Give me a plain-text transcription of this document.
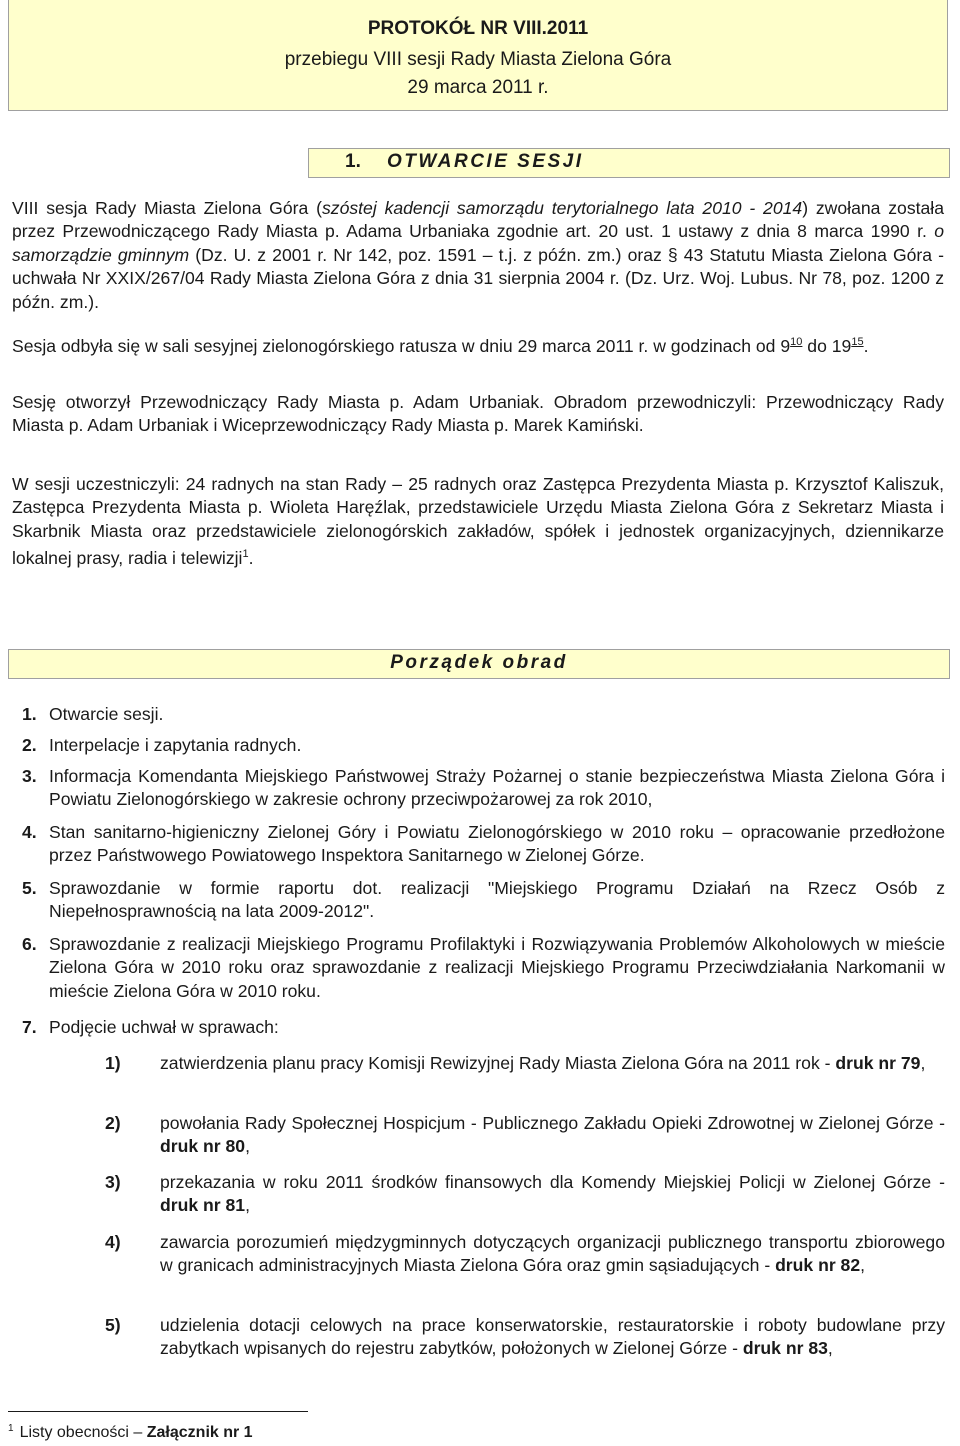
PROTOKÓŁ NR VIII.2011
przebiegu VIII sesji Rady Miasta Zielona Góra
29 marca 2011 r.
1. OTWARCIE SESJI
VIII sesja Rady Miasta Zielona Góra (szóstej kadencji samorządu terytorialnego lata 2010 - 2014) zwołana została przez Przewodniczącego Rady Miasta p. Adama Urbaniaka zgodnie art. 20 ust. 1 ustawy z dnia 8 marca 1990 r. o samorządzie gminnym (Dz. U. z 2001 r. Nr 142, poz. 1591 – t.j. z późn. zm.) oraz § 43 Statutu Miasta Zielona Góra - uchwała Nr XXIX/267/04 Rady Miasta Zielona Góra z dnia 31 sierpnia 2004 r. (Dz. Urz. Woj. Lubus. Nr 78, poz. 1200 z późn. zm.).
Sesja odbyła się w sali sesyjnej zielonogórskiego ratusza w dniu 29 marca 2011 r. w godzinach od $9^{10}$ do $19^{15}$.
Sesję otworzył Przewodniczący Rady Miasta p. Adam Urbaniak. Obradom przewodniczyli: Przewodniczący Rady Miasta p. Adam Urbaniak i Wiceprzewodniczący Rady Miasta p. Marek Kamiński.
W sesji uczestniczyli: 24 radnych na stan Rady – 25 radnych oraz Zastępca Prezydenta Miasta p. Krzysztof Kaliszuk, Zastępca Prezydenta Miasta p. Wioleta Haręźlak, przedstawiciele Urzędu Miasta Zielona Góra z Sekretarz Miasta i Skarbnik Miasta oraz przedstawiciele zielonogórskich zakładów, spółek i jednostek organizacyjnych, dziennikarze lokalnej prasy, radia i telewizji$^1$.
Porządek obrad
1. Otwarcie sesji.
2. Interpelacje i zapytania radnych.
3. Informacja Komendanta Miejskiego Państwowej Straży Pożarnej o stanie bezpieczeństwa Miasta Zielona Góra i Powiatu Zielonogórskiego w zakresie ochrony przeciwpożarowej za rok 2010,
4. Stan sanitarno-higieniczny Zielonej Góry i Powiatu Zielonogórskiego w 2010 roku – opracowanie przedłożone przez Państwowego Powiatowego Inspektora Sanitarnego w Zielonej Górze.
5. Sprawozdanie w formie raportu dot. realizacji "Miejskiego Programu Działań na Rzecz Osób z Niepełnosprawnością na lata 2009-2012".
6. Sprawozdanie z realizacji Miejskiego Programu Profilaktyki i Rozwiązywania Problemów Alkoholowych w mieście Zielona Góra w 2010 roku oraz sprawozdanie z realizacji Miejskiego Programu Przeciwdziałania Narkomanii w mieście Zielona Góra w 2010 roku.
7. Podjęcie uchwał w sprawach:
1) zatwierdzenia planu pracy Komisji Rewizyjnej Rady Miasta Zielona Góra na 2011 rok - druk nr 79,
2) powołania Rady Społecznej Hospicjum - Publicznego Zakładu Opieki Zdrowotnej w Zielonej Górze - druk nr 80,
3) przekazania w roku 2011 środków finansowych dla Komendy Miejskiej Policji w Zielonej Górze - druk nr 81,
4) zawarcia porozumień międzygminnych dotyczących organizacji publicznego transportu zbiorowego w granicach administracyjnych Miasta Zielona Góra oraz gmin sąsiadujących - druk nr 82,
5) udzielenia dotacji celowych na prace konserwatorskie, restauratorskie i roboty budowlane przy zabytkach wpisanych do rejestru zabytków, położonych w Zielonej Górze - druk nr 83,
$^1$ Listy obecności – Załącznik nr 1
